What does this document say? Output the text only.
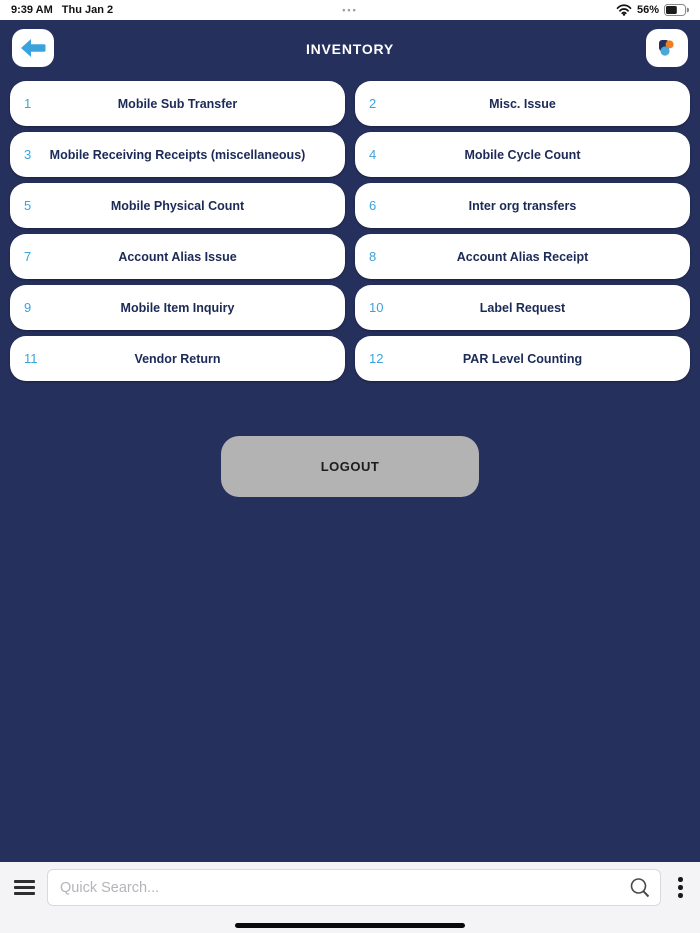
9:39 AM Thu Jan 2	•••	56%
INVENTORY
1	Mobile Sub Transfer	2	Misc. Issue
3	Mobile Receiving Receipts (miscellaneous)	4	Mobile Cycle Count
5	Mobile Physical Count	6	Inter org transfers
7	Account Alias Issue	8	Account Alias Receipt
9	Mobile Item Inquiry	10	Label Request
11	Vendor Return	12	PAR Level Counting
LOGOUT
Quick Search...
